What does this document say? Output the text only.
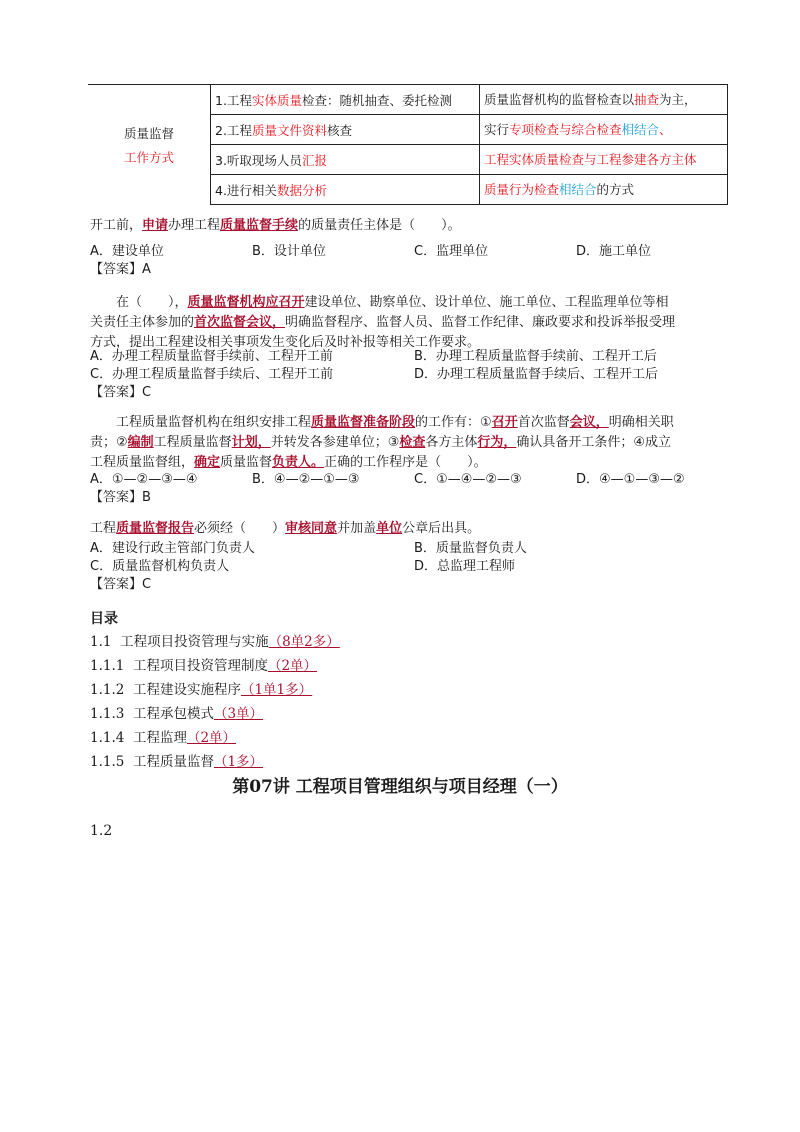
质量监督
工作方式	1.工程实体质量检查：随机抽查、委托检测	质量监督机构的监督检查以抽查为主，
	2.工程质量文件资料核查	实行专项检查与综合检查相结合、
	3.听取现场人员汇报	工程实体质量检查与工程参建各方主体
	4.进行相关数据分析	质量行为检查相结合的方式
开工前，申请办理工程质量监督手续的质量责任主体是（　　）。
A．建设单位	B．设计单位	C．监理单位	D．施工单位
【答案】A
在（　　），质量监督机构应召开建设单位、勘察单位、设计单位、施工单位、工程监理单位等相
关责任主体参加的首次监督会议，明确监督程序、监督人员、监督工作纪律、廉政要求和投诉举报受理
方式，提出工程建设相关事项发生变化后及时补报等相关工作要求。
A．办理工程质量监督手续前、工程开工前	B．办理工程质量监督手续前、工程开工后
C．办理工程质量监督手续后、工程开工前	D．办理工程质量监督手续后、工程开工后
【答案】C
工程质量监督机构在组织安排工程质量监督准备阶段的工作有：①召开首次监督会议，明确相关职
责；②编制工程质量监督计划，并转发各参建单位；③检查各方主体行为，确认具备开工条件；④成立
工程质量监督组，确定质量监督负责人。正确的工作程序是（　　）。
A．①—②—③—④	B．④—②—①—③	C．①—④—②—③	D．④—①—③—②
【答案】B
工程质量监督报告必须经（　　）审核同意并加盖单位公章后出具。
A．建设行政主管部门负责人	B．质量监督负责人
C．质量监督机构负责人	D．总监理工程师
【答案】C
目录
1.1 工程项目投资管理与实施（8单2多）
1.1.1 工程项目投资管理制度（2单）
1.1.2 工程建设实施程序（1单1多）
1.1.3 工程承包模式（3单）
1.1.4 工程监理（2单）
1.1.5 工程质量监督（1多）
第07讲 工程项目管理组织与项目经理（一）
1.2
